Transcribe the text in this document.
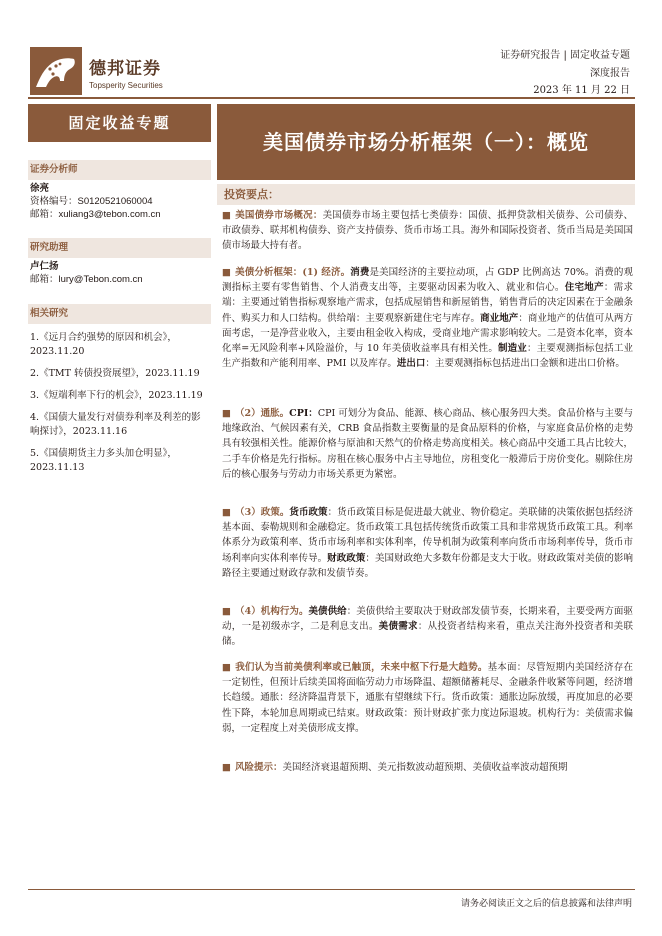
德邦证券
Topsperity Securities
证券研究报告 | 固定收益专题
深度报告
2023 年 11 月 22 日
固定收益专题
美国债券市场分析框架（一）：概览
证券分析师
徐亮
资格编号：S0120521060004
邮箱：xuliang3@tebon.com.cn
研究助理
卢仁扬
邮箱：lury@Tebon.com.cn
相关研究
1.《远月合约强势的原因和机会》，2023.11.20
2.《TMT 转债投资展望》，2023.11.19
3.《短端利率下行的机会》，2023.11.19
4.《国债大量发行对债券利率及利差的影响探讨》，2023.11.16
5.《国债期货主力多头加仓明显》，2023.11.13
投资要点：
■ 美国债券市场概况：美国债券市场主要包括七类债券：国债、抵押贷款相关债券、公司债券、市政债券、联邦机构债券、资产支持债券、货币市场工具。海外和国际投资者、货币当局是美国国债市场最大持有者。
■ 美债分析框架：(1) 经济。消费是美国经济的主要拉动项，占 GDP 比例高达 70%。消费的观测指标主要有零售销售、个人消费支出等，主要驱动因素为收入、就业和信心。住宅地产：需求端：主要通过销售指标观察地产需求，包括成屋销售和新屋销售，销售背后的决定因素在于金融条件、购买力和人口结构。供给端：主要观察新建住宅与库存。商业地产：商业地产的估值可从两方面考虑，一是净营业收入，主要由租金收入构成，受商业地产需求影响较大。二是资本化率，资本化率=无风险利率+风险溢价，与 10 年美债收益率具有相关性。制造业：主要观测指标包括工业生产指数和产能利用率、PMI 以及库存。进出口：主要观测指标包括进出口金额和进出口价格。
■ （2）通胀。CPI：CPI 可划分为食品、能源、核心商品、核心服务四大类。食品价格与主要与地缘政治、气候因素有关，CRB 食品指数主要衡量的是食品原料的价格，与家庭食品价格的走势具有较强相关性。能源价格与原油和天然气的价格走势高度相关。核心商品中交通工具占比较大，二手车价格是先行指标。房租在核心服务中占主导地位，房租变化一般滞后于房价变化。剔除住房后的核心服务与劳动力市场关系更为紧密。
■ （3）政策。货币政策：货币政策目标是促进最大就业、物价稳定。美联储的决策依据包括经济基本面、泰勒规则和金融稳定。货币政策工具包括传统货币政策工具和非常规货币政策工具。利率体系分为政策利率、货币市场利率和实体利率，传导机制为政策利率向货币市场利率传导，货币市场利率向实体利率传导。财政政策：美国财政绝大多数年份都是支大于收。财政政策对美债的影响路径主要通过财政存款和发债节奏。
■ （4）机构行为。美债供给：美债供给主要取决于财政部发债节奏，长期来看，主要受两方面驱动，一是初级赤字，二是利息支出。美债需求：从投资者结构来看，重点关注海外投资者和美联储。
■ 我们认为当前美债利率或已触顶，未来中枢下行是大趋势。基本面：尽管短期内美国经济存在一定韧性，但预计后续美国将面临劳动力市场降温、超额储蓄耗尽、金融条件收紧等问题，经济增长趋缓。通胀：经济降温背景下，通胀有望继续下行。货币政策：通胀边际放缓，再度加息的必要性下降，本轮加息周期或已结束。财政政策：预计财政扩张力度边际退坡。机构行为：美债需求偏弱，一定程度上对美债形成支撑。
■ 风险提示：美国经济衰退超预期、美元指数波动超预期、美债收益率波动超预期
请务必阅读正文之后的信息披露和法律声明
